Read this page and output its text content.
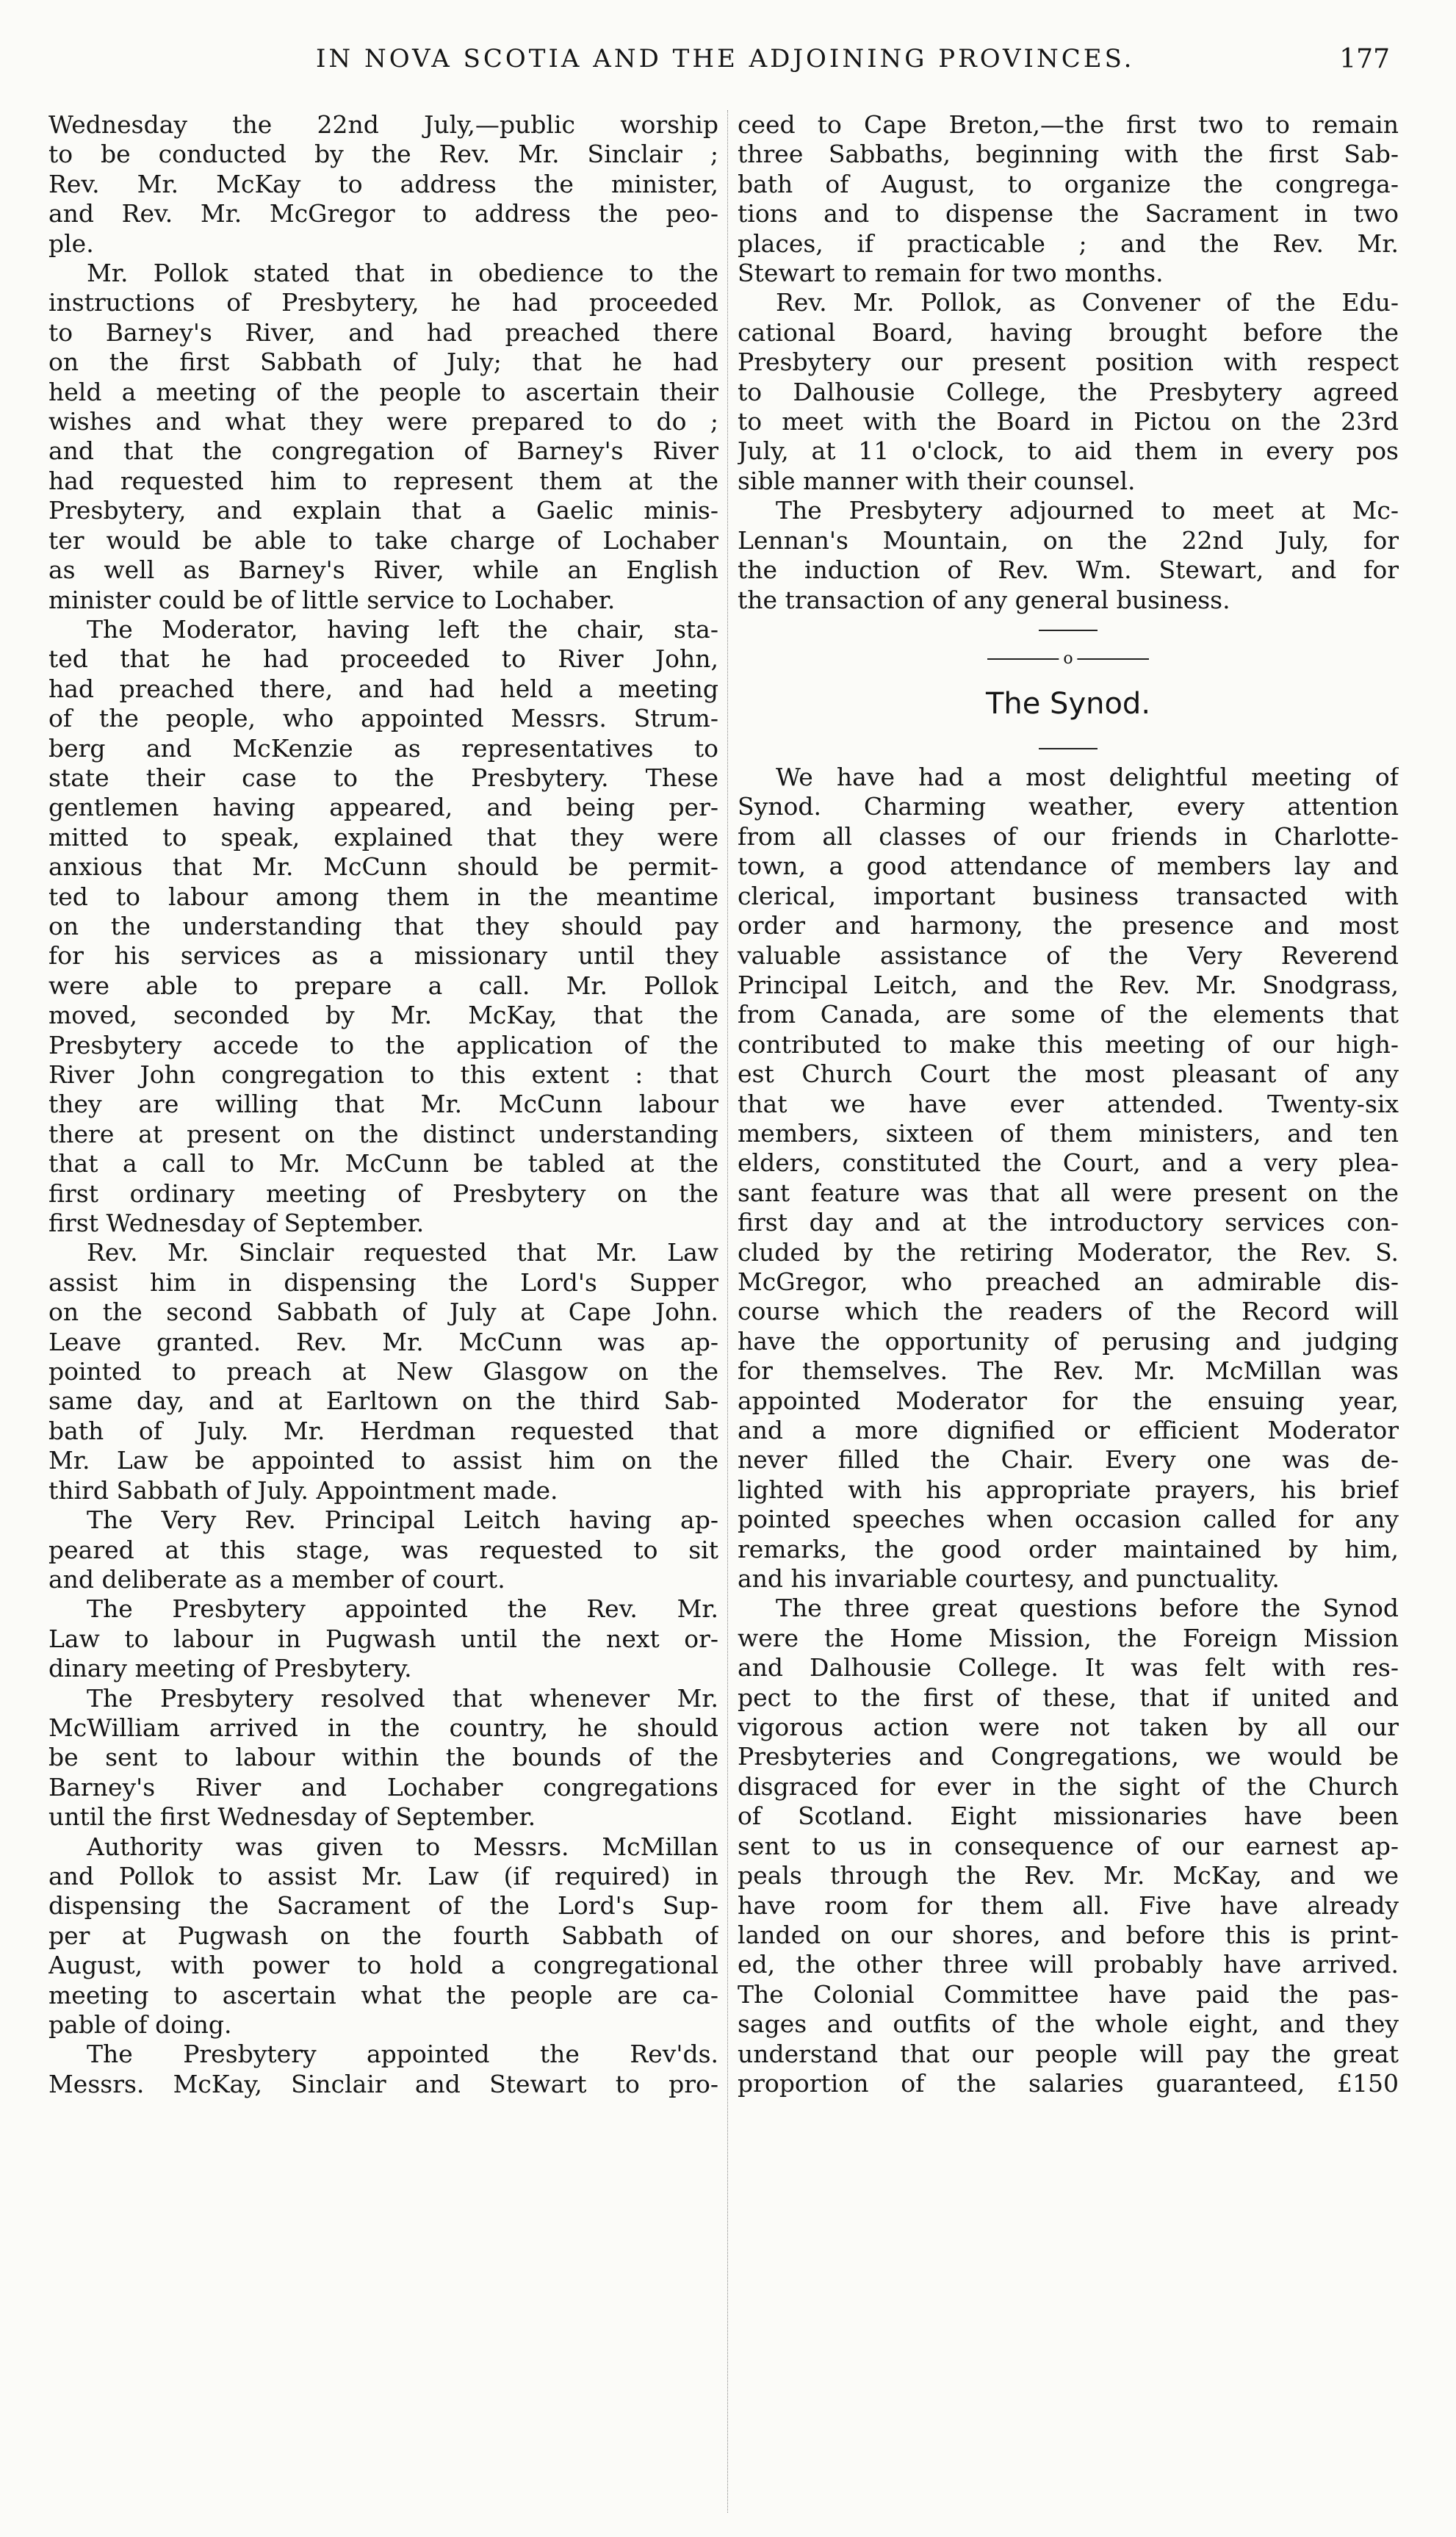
IN NOVA SCOTIA AND THE ADJOINING PROVINCES.	177
Wednesday the 22nd July,—public worship
to be conducted by the Rev. Mr. Sinclair ;
Rev. Mr. McKay to address the minister,
and Rev. Mr. McGregor to address the peo-
ple.
Mr. Pollok stated that in obedience to the
instructions of Presbytery, he had proceeded
to Barney's River, and had preached there
on the first Sabbath of July; that he had
held a meeting of the people to ascertain their
wishes and what they were prepared to do ;
and that the congregation of Barney's River
had requested him to represent them at the
Presbytery, and explain that a Gaelic minis-
ter would be able to take charge of Lochaber
as well as Barney's River, while an English
minister could be of little service to Lochaber.
The Moderator, having left the chair, sta-
ted that he had proceeded to River John,
had preached there, and had held a meeting
of the people, who appointed Messrs. Strum-
berg and McKenzie as representatives to
state their case to the Presbytery. These
gentlemen having appeared, and being per-
mitted to speak, explained that they were
anxious that Mr. McCunn should be permit-
ted to labour among them in the meantime
on the understanding that they should pay
for his services as a missionary until they
were able to prepare a call. Mr. Pollok
moved, seconded by Mr. McKay, that the
Presbytery accede to the application of the
River John congregation to this extent : that
they are willing that Mr. McCunn labour
there at present on the distinct understanding
that a call to Mr. McCunn be tabled at the
first ordinary meeting of Presbytery on the
first Wednesday of September.
Rev. Mr. Sinclair requested that Mr. Law
assist him in dispensing the Lord's Supper
on the second Sabbath of July at Cape John.
Leave granted. Rev. Mr. McCunn was ap-
pointed to preach at New Glasgow on the
same day, and at Earltown on the third Sab-
bath of July. Mr. Herdman requested that
Mr. Law be appointed to assist him on the
third Sabbath of July. Appointment made.
The Very Rev. Principal Leitch having ap-
peared at this stage, was requested to sit
and deliberate as a member of court.
The Presbytery appointed the Rev. Mr.
Law to labour in Pugwash until the next or-
dinary meeting of Presbytery.
The Presbytery resolved that whenever Mr.
McWilliam arrived in the country, he should
be sent to labour within the bounds of the
Barney's River and Lochaber congregations
until the first Wednesday of September.
Authority was given to Messrs. McMillan
and Pollok to assist Mr. Law (if required) in
dispensing the Sacrament of the Lord's Sup-
per at Pugwash on the fourth Sabbath of
August, with power to hold a congregational
meeting to ascertain what the people are ca-
pable of doing.
The Presbytery appointed the Rev'ds.
Messrs. McKay, Sinclair and Stewart to pro-
ceed to Cape Breton,—the first two to remain
three Sabbaths, beginning with the first Sab-
bath of August, to organize the congrega-
tions and to dispense the Sacrament in two
places, if practicable ; and the Rev. Mr.
Stewart to remain for two months.
Rev. Mr. Pollok, as Convener of the Edu-
cational Board, having brought before the
Presbytery our present position with respect
to Dalhousie College, the Presbytery agreed
to meet with the Board in Pictou on the 23rd
July, at 11 o'clock, to aid them in every pos
sible manner with their counsel.
The Presbytery adjourned to meet at Mc-
Lennan's Mountain, on the 22nd July, for
the induction of Rev. Wm. Stewart, and for
the transaction of any general business.
o
The Synod.
We have had a most delightful meeting of
Synod. Charming weather, every attention
from all classes of our friends in Charlotte-
town, a good attendance of members lay and
clerical, important business transacted with
order and harmony, the presence and most
valuable assistance of the Very Reverend
Principal Leitch, and the Rev. Mr. Snodgrass,
from Canada, are some of the elements that
contributed to make this meeting of our high-
est Church Court the most pleasant of any
that we have ever attended. Twenty-six
members, sixteen of them ministers, and ten
elders, constituted the Court, and a very plea-
sant feature was that all were present on the
first day and at the introductory services con-
cluded by the retiring Moderator, the Rev. S.
McGregor, who preached an admirable dis-
course which the readers of the Record will
have the opportunity of perusing and judging
for themselves. The Rev. Mr. McMillan was
appointed Moderator for the ensuing year,
and a more dignified or efficient Moderator
never filled the Chair. Every one was de-
lighted with his appropriate prayers, his brief
pointed speeches when occasion called for any
remarks, the good order maintained by him,
and his invariable courtesy, and punctuality.
The three great questions before the Synod
were the Home Mission, the Foreign Mission
and Dalhousie College. It was felt with res-
pect to the first of these, that if united and
vigorous action were not taken by all our
Presbyteries and Congregations, we would be
disgraced for ever in the sight of the Church
of Scotland. Eight missionaries have been
sent to us in consequence of our earnest ap-
peals through the Rev. Mr. McKay, and we
have room for them all. Five have already
landed on our shores, and before this is print-
ed, the other three will probably have arrived.
The Colonial Committee have paid the pas-
sages and outfits of the whole eight, and they
understand that our people will pay the great
proportion of the salaries guaranteed, £150
